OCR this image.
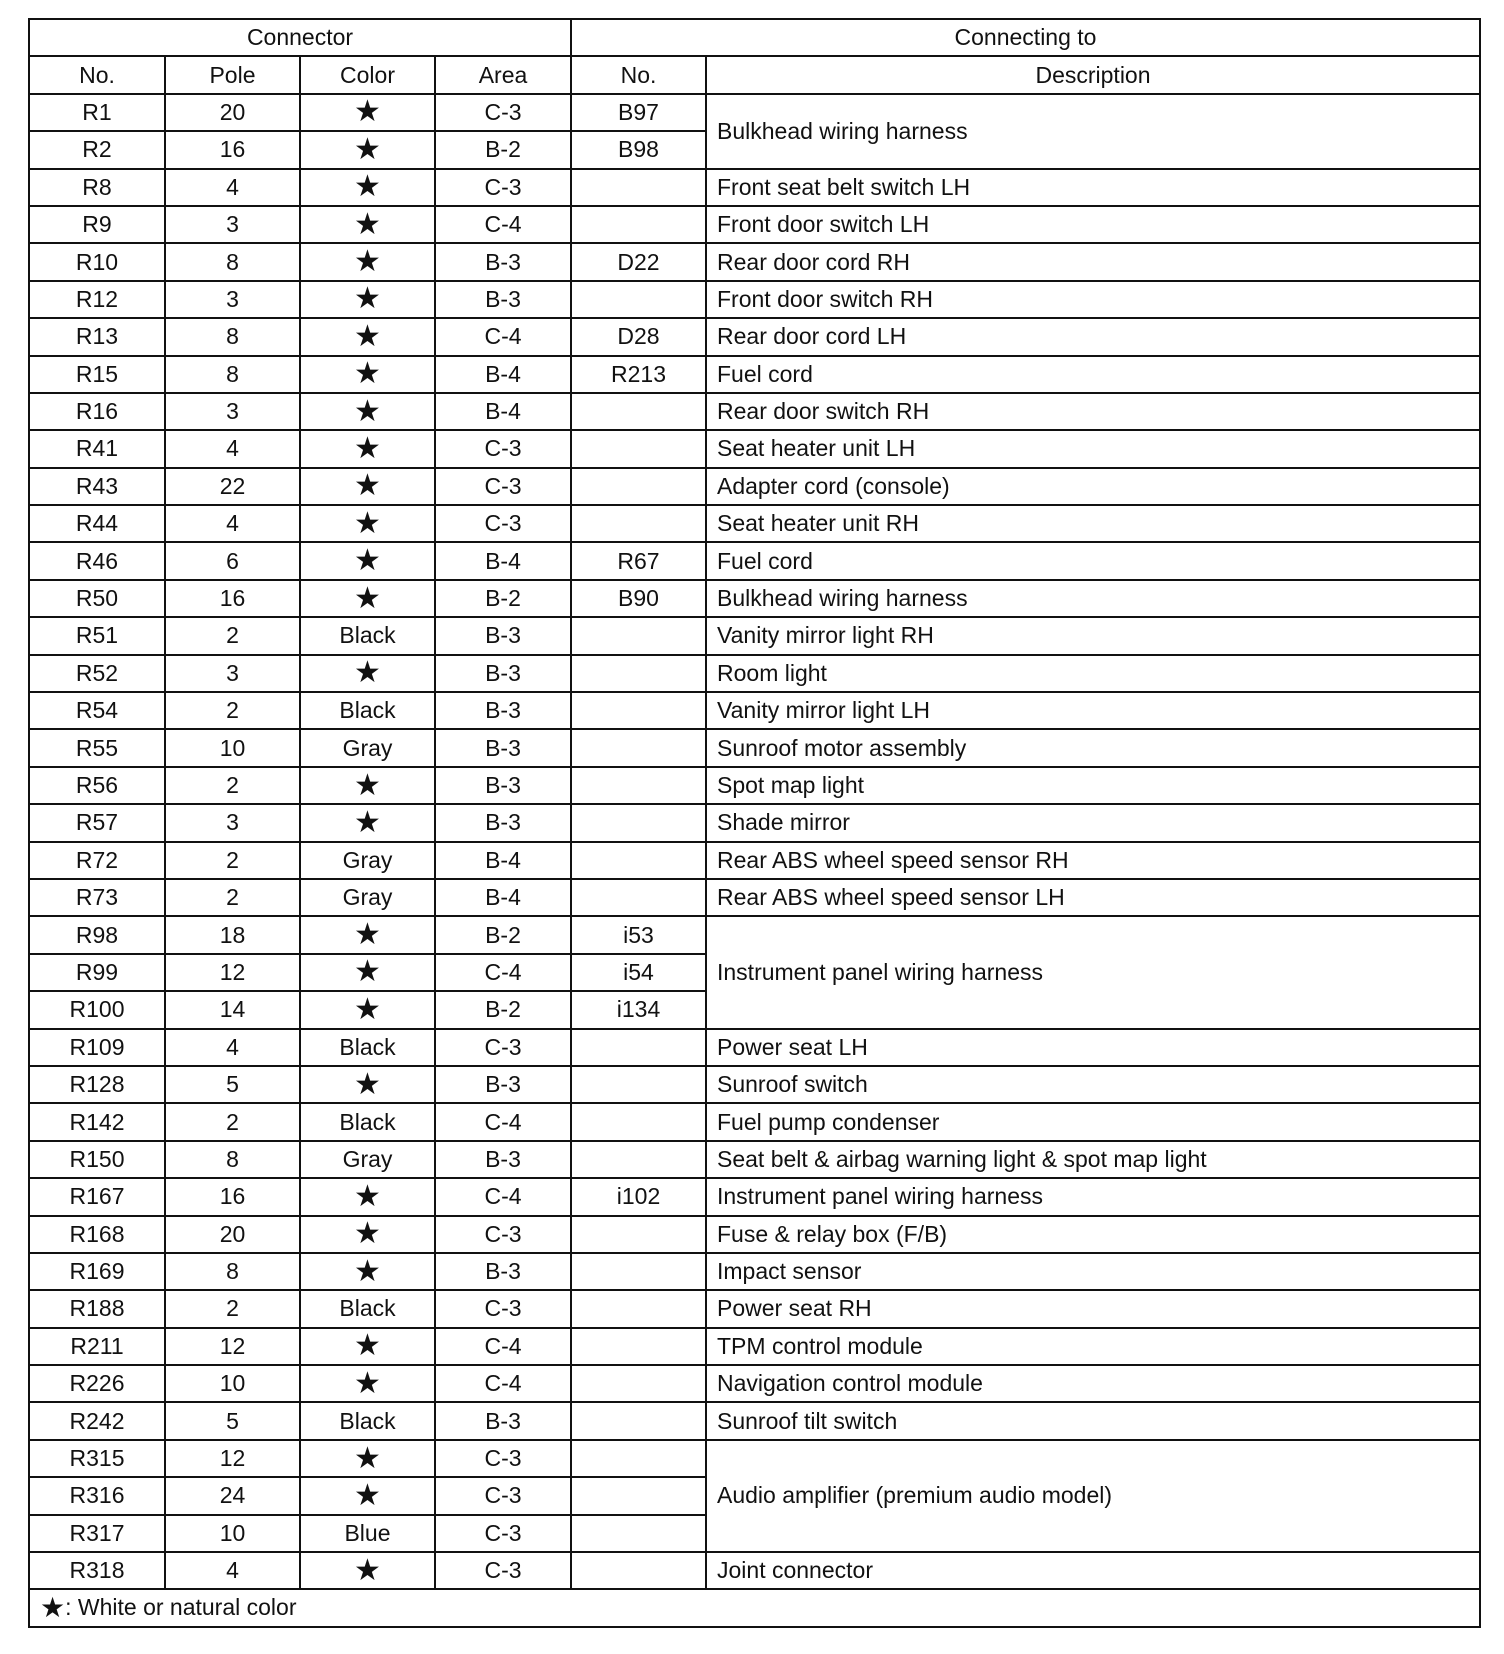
Connector				Connecting to	
No.	Pole	Color	Area	No.	Description
R1	20	★	C-3	B97	Bulkhead wiring harness
R2	16	★	B-2	B98	
R8	4	★	C-3		Front seat belt switch LH
R9	3	★	C-4		Front door switch LH
R10	8	★	B-3	D22	Rear door cord RH
R12	3	★	B-3		Front door switch RH
R13	8	★	C-4	D28	Rear door cord LH
R15	8	★	B-4	R213	Fuel cord
R16	3	★	B-4		Rear door switch RH
R41	4	★	C-3		Seat heater unit LH
R43	22	★	C-3		Adapter cord (console)
R44	4	★	C-3		Seat heater unit RH
R46	6	★	B-4	R67	Fuel cord
R50	16	★	B-2	B90	Bulkhead wiring harness
R51	2	Black	B-3		Vanity mirror light RH
R52	3	★	B-3		Room light
R54	2	Black	B-3		Vanity mirror light LH
R55	10	Gray	B-3		Sunroof motor assembly
R56	2	★	B-3		Spot map light
R57	3	★	B-3		Shade mirror
R72	2	Gray	B-4		Rear ABS wheel speed sensor RH
R73	2	Gray	B-4		Rear ABS wheel speed sensor LH
R98	18	★	B-2	i53	Instrument panel wiring harness
R99	12	★	C-4	i54	
R100	14	★	B-2	i134	
R109	4	Black	C-3		Power seat LH
R128	5	★	B-3		Sunroof switch
R142	2	Black	C-4		Fuel pump condenser
R150	8	Gray	B-3		Seat belt & airbag warning light & spot map light
R167	16	★	C-4	i102	Instrument panel wiring harness
R168	20	★	C-3		Fuse & relay box (F/B)
R169	8	★	B-3		Impact sensor
R188	2	Black	C-3		Power seat RH
R211	12	★	C-4		TPM control module
R226	10	★	C-4		Navigation control module
R242	5	Black	B-3		Sunroof tilt switch
R315	12	★	C-3		Audio amplifier (premium audio model)
R316	24	★	C-3		
R317	10	Blue	C-3		
R318	4	★	C-3		Joint connector
★: White or natural color					
